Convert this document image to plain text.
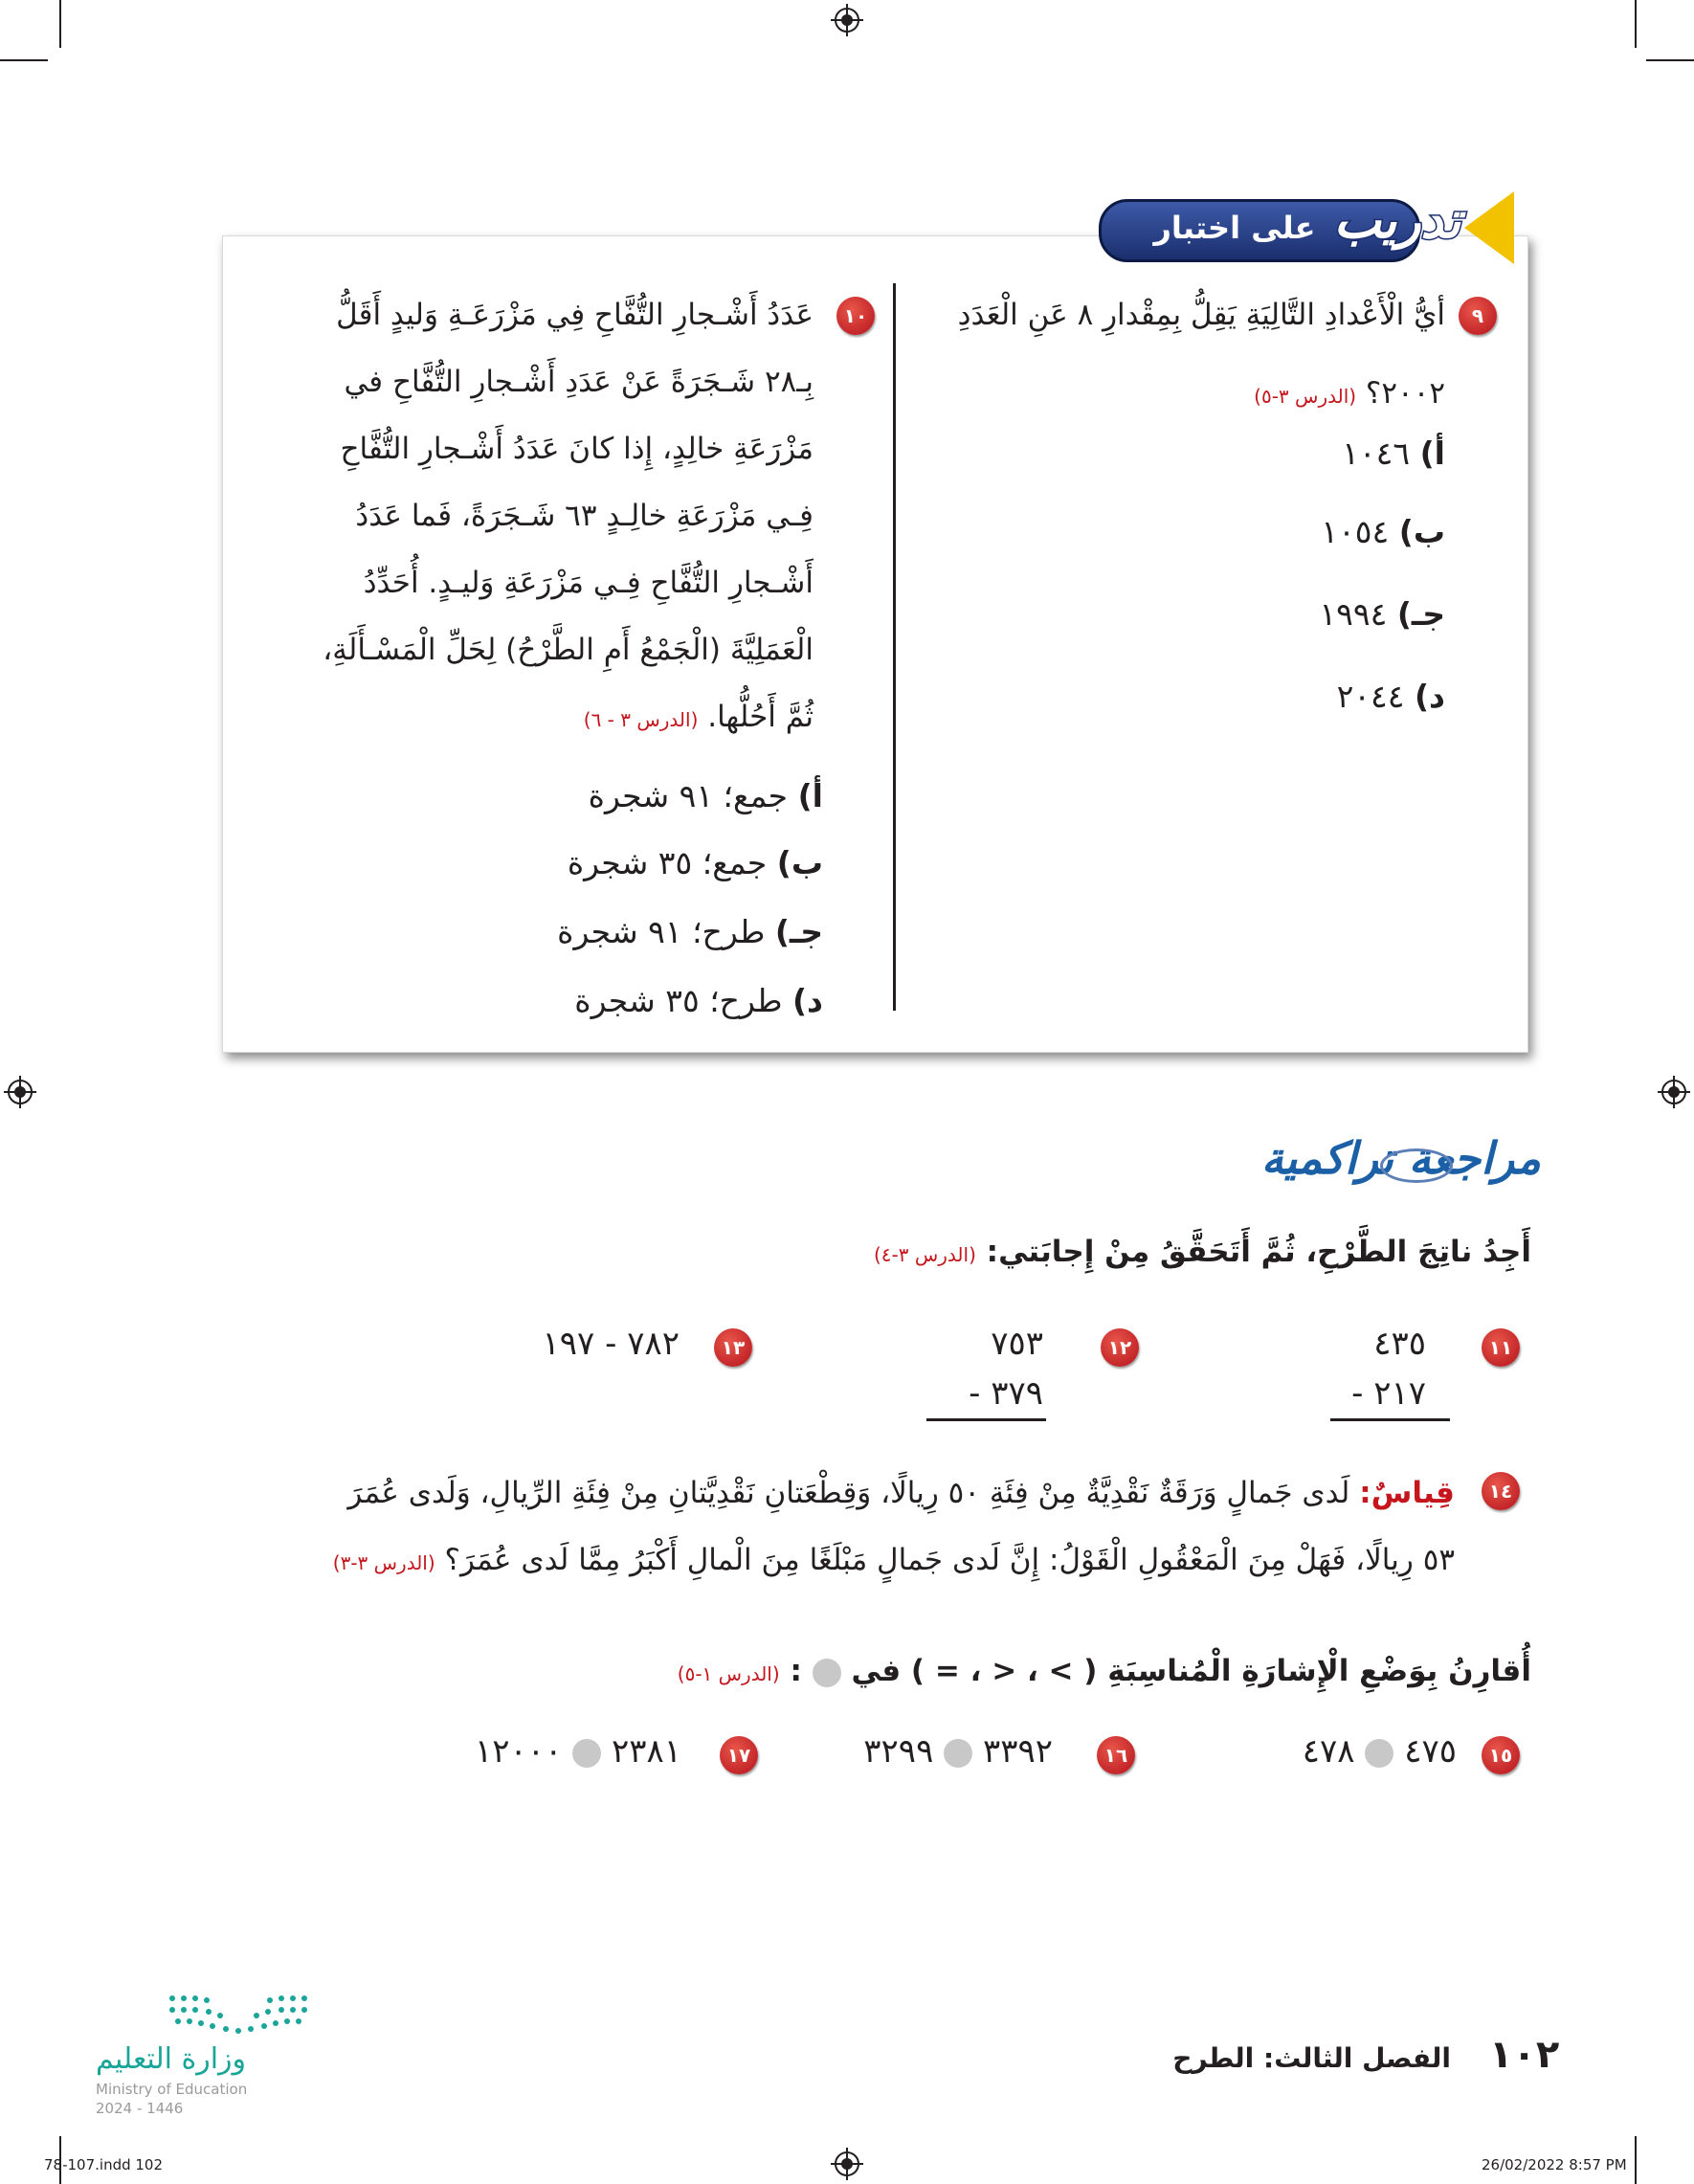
على اختبار تدريب
٩
أيُّ الْأَعْدادِ التَّالِيَةِ يَقِلُّ بِمِقْدارِ ٨ عَنِ الْعَدَدِ
٢٠٠٢؟ (الدرس ٣-٥)
أ) ١٠٤٦
ب) ١٠٥٤
جـ) ١٩٩٤
د) ٢٠٤٤
١٠
عَدَدُ أَشْـجارِ التُّفَّاحِ فِي مَزْرَعَـةِ وَليدٍ أَقَلُّ
بِـ٢٨ شَـجَرَةً عَنْ عَدَدِ أَشْـجارِ التُّفَّاحِ في
مَزْرَعَةِ خالِدٍ، إِذا كانَ عَدَدُ أَشْـجارِ التُّفَّاحِ
فِـي مَزْرَعَةِ خالِـدٍ ٦٣ شَـجَرَةً، فَما عَدَدُ
أَشْـجارِ التُّفَّاحِ فِـي مَزْرَعَةِ وَليـدٍ. أُحَدِّدُ
الْعَمَلِيَّةَ (الْجَمْعُ أَمِ الطَّرْحُ) لِحَلِّ الْمَسْـأَلَةِ،
ثُمَّ أَحُلُّها. (الدرس ٣ - ٦)
أ) جمع؛ ٩١ شجرة
ب) جمع؛ ٣٥ شجرة
جـ) طرح؛ ٩١ شجرة
د) طرح؛ ٣٥ شجرة
مراجعة تراكمية
أَجِدُ ناتِجَ الطَّرْحِ، ثُمَّ أَتَحَقَّقُ مِنْ إِجابَتي: (الدرس ٣-٤)
١١
٤٣٥
٢١٧ -
١٢
٧٥٣
٣٧٩ -
١٣
٧٨٢ - ١٩٧
١٤
قِياسٌ: لَدى جَمالٍ وَرَقَةٌ نَقْدِيَّةٌ مِنْ فِئَةِ ٥٠ رِيالًا، وَقِطْعَتانِ نَقْدِيَّتانِ مِنْ فِئَةِ الرِّيالِ، وَلَدى عُمَرَ
٥٣ رِيالًا، فَهَلْ مِنَ الْمَعْقُولِ الْقَوْلُ: إِنَّ لَدى جَمالٍ مَبْلَغًا مِنَ الْمالِ أَكْبَرُ مِمَّا لَدى عُمَرَ؟ (الدرس ٣-٣)
أُقارِنُ بِوَضْعِ الْإِشارَةِ الْمُناسِبَةِ ( > ، < ، = ) في  : (الدرس ١-٥)
١٥
٤٧٥  ٤٧٨
١٦
٣٣٩٢  ٣٢٩٩
١٧
٢٣٨١  ١٢٠٠٠
وزارة التعليم
Ministry of Education
2024 - 1446
١٠٢
الفصل الثالث: الطرح
78-107.indd 102	26/02/2022 8:57 PM
